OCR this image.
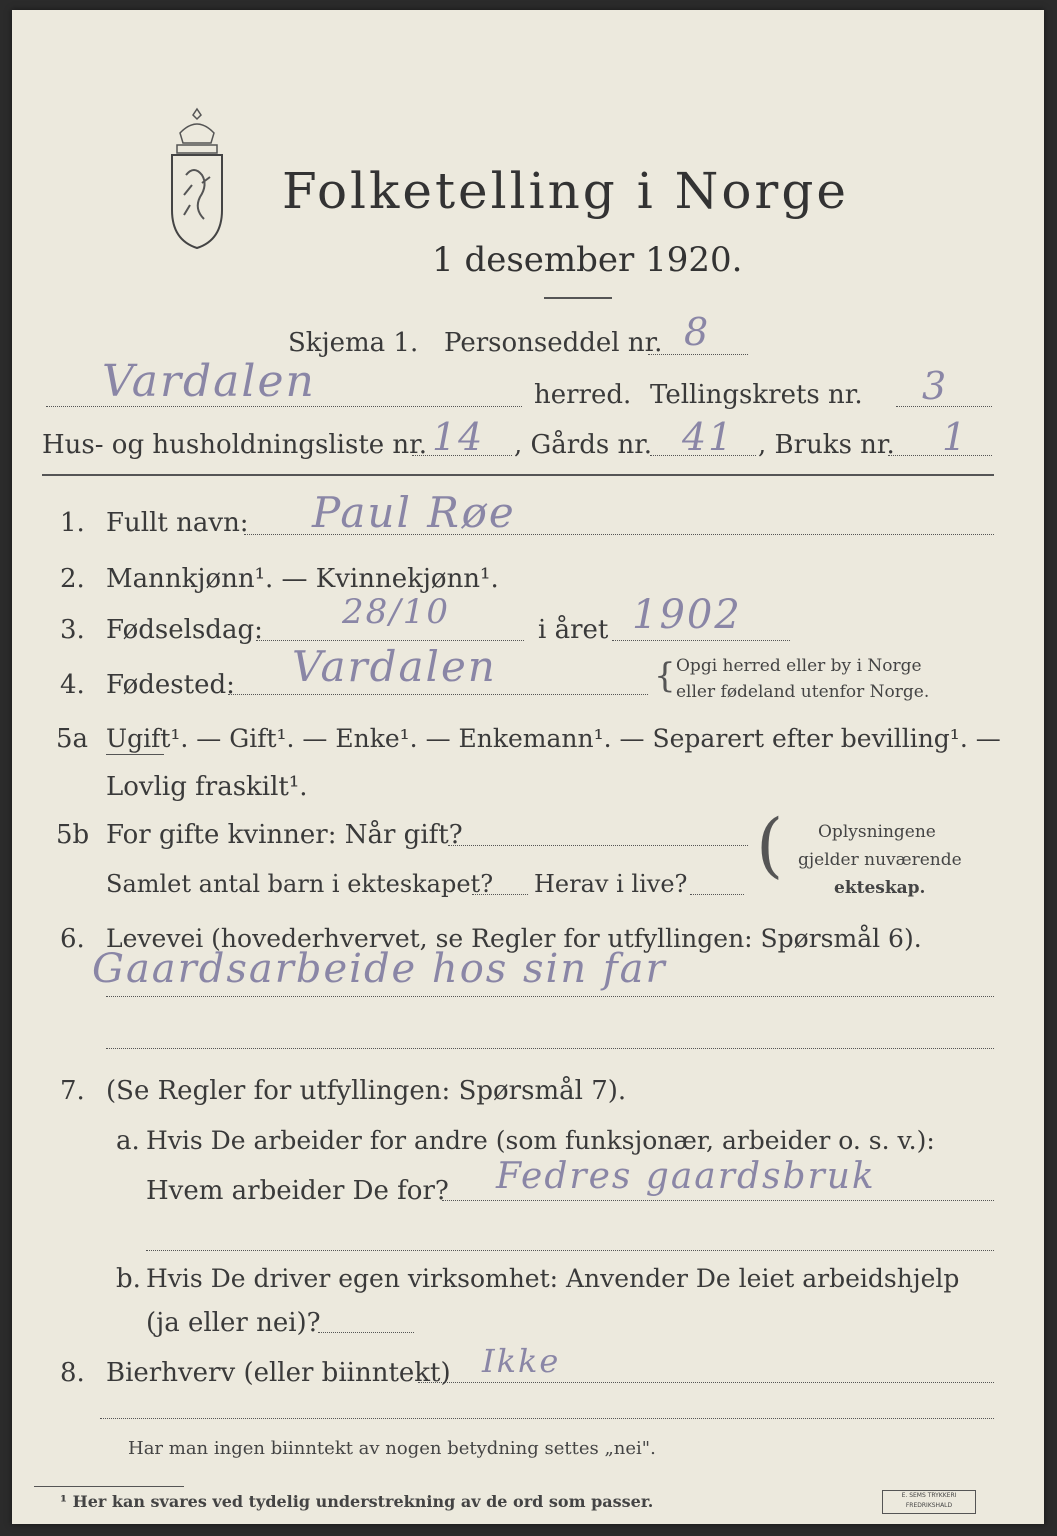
Folketelling i Norge
1 desember 1920.
Skjema 1. Personseddel nr. 8
Vardalen	herred. Tellingskrets nr. 3
Hus- og husholdningsliste nr. 14 , Gårds nr. 41 , Bruks nr. 1
1. Fullt navn: Paul Røe
2. Mannkjønn¹. — Kvinnekjønn¹.
3. Fødselsdag: 28/10	i året 1902
4. Fødested: Vardalen	{ Opgi herred eller by i Norge
eller fødeland utenfor Norge.
5a Ugift¹. — Gift¹. — Enke¹. — Enkemann¹. — Separert efter bevilling¹. —
Lovlig fraskilt¹.
5b For gifte kvinner: Når gift?
Samlet antal barn i ekteskapet? Herav i live? ( Oplysningene
gjelder nuværende
ekteskap.
6. Levevei (hovederhvervet, se Regler for utfyllingen: Spørsmål 6).
Gaardsarbeide hos sin far
7. (Se Regler for utfyllingen: Spørsmål 7).
a. Hvis De arbeider for andre (som funksjonær, arbeider o. s. v.):
Hvem arbeider De for? Fedres gaardsbruk
b. Hvis De driver egen virksomhet: Anvender De leiet arbeidshjelp
(ja eller nei)?
8. Bierhverv (eller biinntekt) Ikke
Har man ingen biinntekt av nogen betydning settes „nei".
¹ Her kan svares ved tydelig understrekning av de ord som passer.	E. SEMS TRYKKERI FREDRIKSHALD
